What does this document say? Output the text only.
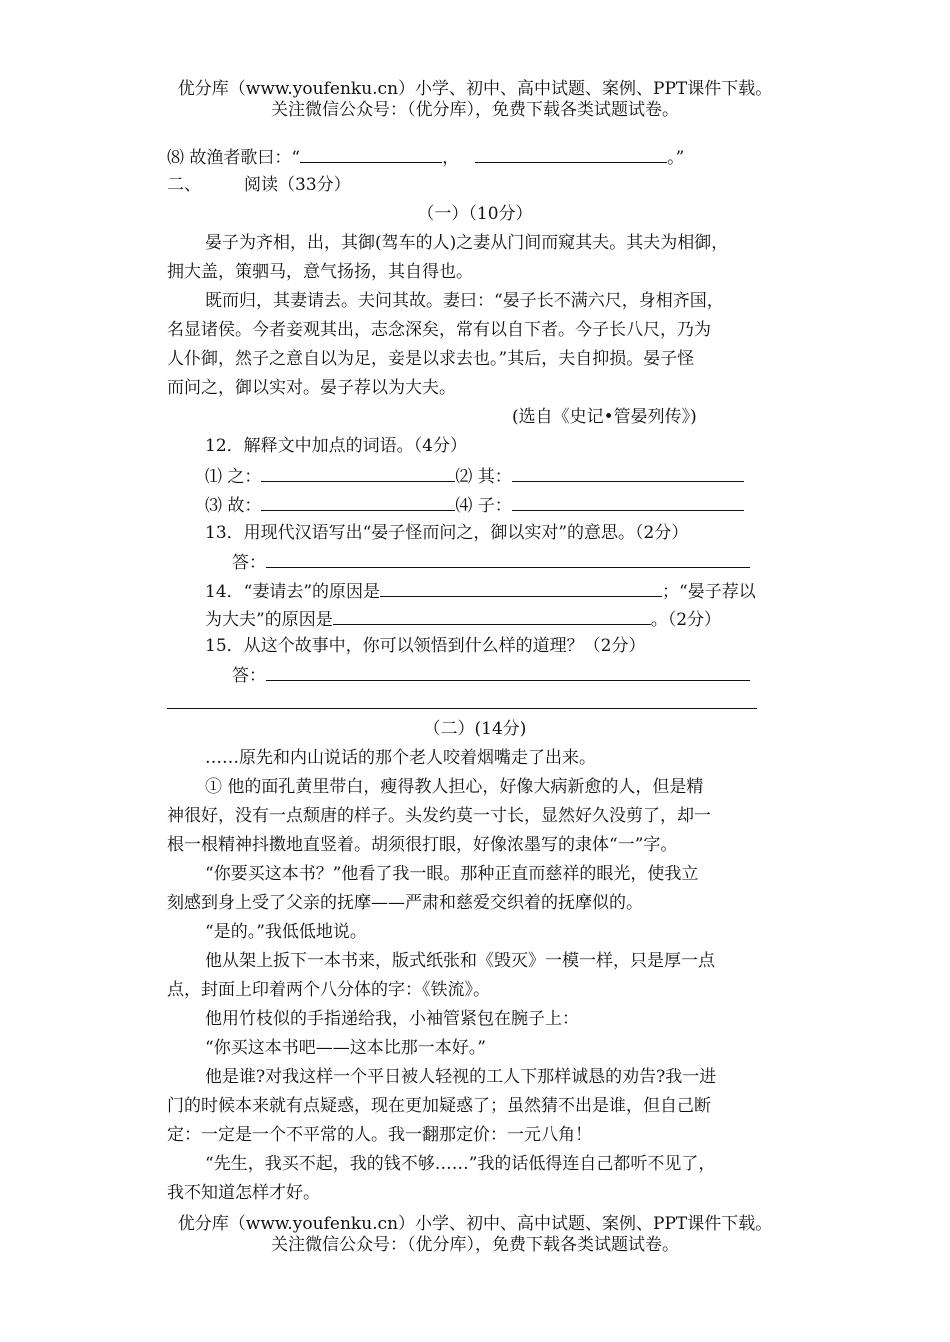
优分库（www.youfenku.cn）小学、初中、高中试题、案例、PPT课件下载。
关注微信公众号：（优分库），免费下载各类试题试卷。
⑻ 故渔者歌曰：“	，	。”
二、	阅读（33分）
（一）（10分）
晏子为齐相，出，其御(驾车的人)之妻从门间而窥其夫。其夫为相御，
拥大盖，策驷马，意气扬扬，其自得也。
既而归，其妻请去。夫问其故。妻曰：“晏子长不满六尺，身相齐国，
名显诸侯。今者妾观其出，志念深矣，常有以自下者。今子长八尺，乃为
人仆御，然子之意自以为足，妾是以求去也。”其后，夫自抑损。晏子怪
而问之，御以实对。晏子荐以为大夫。
(选自《史记•管晏列传》)
12．解释文中加点的词语。（4分）
⑴ 之：	⑵ 其：
⑶ 故：	⑷ 子：
13．用现代汉语写出“晏子怪而问之，御以实对”的意思。（2分）
答：
14．“妻请去”的原因是	；“晏子荐以
为大夫”的原因是	。（2分）
15．从这个故事中，你可以领悟到什么样的道理？（2分）
答：
（二）(14分)
……原先和内山说话的那个老人咬着烟嘴走了出来。
① 他的面孔黄里带白，瘦得教人担心，好像大病新愈的人，但是精
神很好，没有一点颓唐的样子。头发约莫一寸长，显然好久没剪了，却一
根一根精神抖擞地直竖着。胡须很打眼，好像浓墨写的隶体“一”字。
“你要买这本书？”他看了我一眼。那种正直而慈祥的眼光，使我立
刻感到身上受了父亲的抚摩——严肃和慈爱交织着的抚摩似的。
“是的。”我低低地说。
他从架上扳下一本书来，版式纸张和《毁灭》一模一样，只是厚一点
点，封面上印着两个八分体的字：《铁流》。
他用竹枝似的手指递给我，小袖管紧包在腕子上：
“你买这本书吧——这本比那一本好。”
他是谁?对我这样一个平日被人轻视的工人下那样诚恳的劝告?我一进
门的时候本来就有点疑惑，现在更加疑惑了；虽然猜不出是谁，但自己断
定：一定是一个不平常的人。我一翻那定价：一元八角！
“先生，我买不起，我的钱不够……”我的话低得连自己都听不见了，
我不知道怎样才好。
优分库（www.youfenku.cn）小学、初中、高中试题、案例、PPT课件下载。
关注微信公众号：（优分库），免费下载各类试题试卷。
